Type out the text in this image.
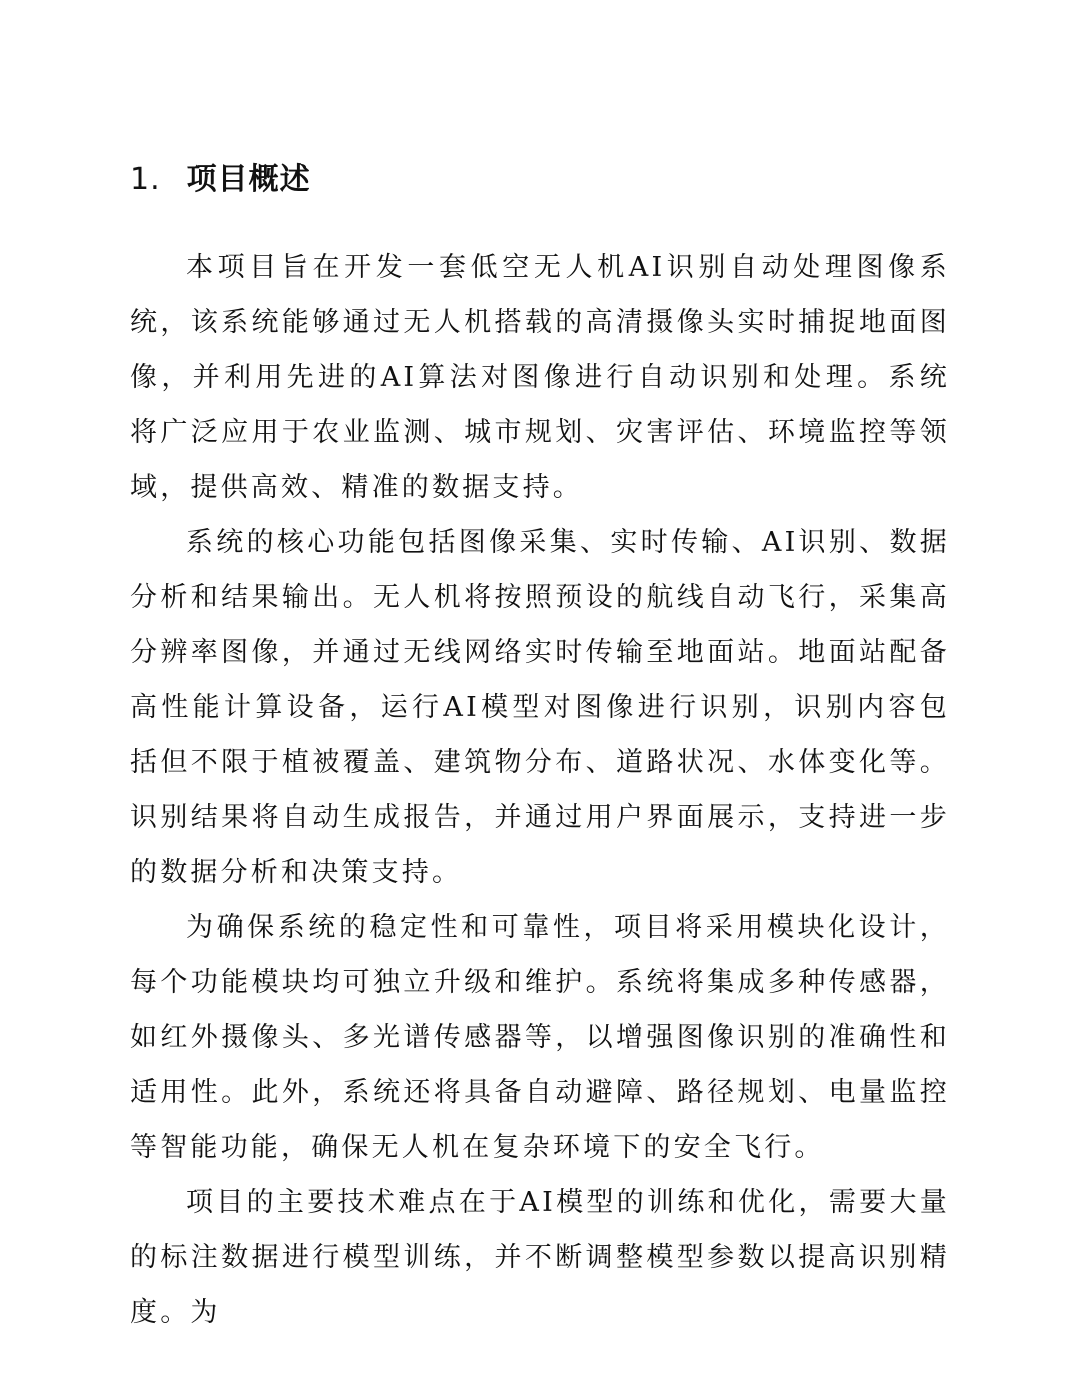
1. 项目概述

本项目旨在开发一套低空无人机AI识别自动处理图像系统，该系统能够通过无人机搭载的高清摄像头实时捕捉地面图像，并利用先进的AI算法对图像进行自动识别和处理。系统将广泛应用于农业监测、城市规划、灾害评估、环境监控等领域，提供高效、精准的数据支持。

系统的核心功能包括图像采集、实时传输、AI识别、数据分析和结果输出。无人机将按照预设的航线自动飞行，采集高分辨率图像，并通过无线网络实时传输至地面站。地面站配备高性能计算设备，运行AI模型对图像进行识别，识别内容包括但不限于植被覆盖、建筑物分布、道路状况、水体变化等。识别结果将自动生成报告，并通过用户界面展示，支持进一步的数据分析和决策支持。

为确保系统的稳定性和可靠性，项目将采用模块化设计，每个功能模块均可独立升级和维护。系统将集成多种传感器，如红外摄像头、多光谱传感器等，以增强图像识别的准确性和适用性。此外，系统还将具备自动避障、路径规划、电量监控等智能功能，确保无人机在复杂环境下的安全飞行。

项目的主要技术难点在于AI模型的训练和优化，需要大量的标注数据进行模型训练，并不断调整模型参数以提高识别精度。为
